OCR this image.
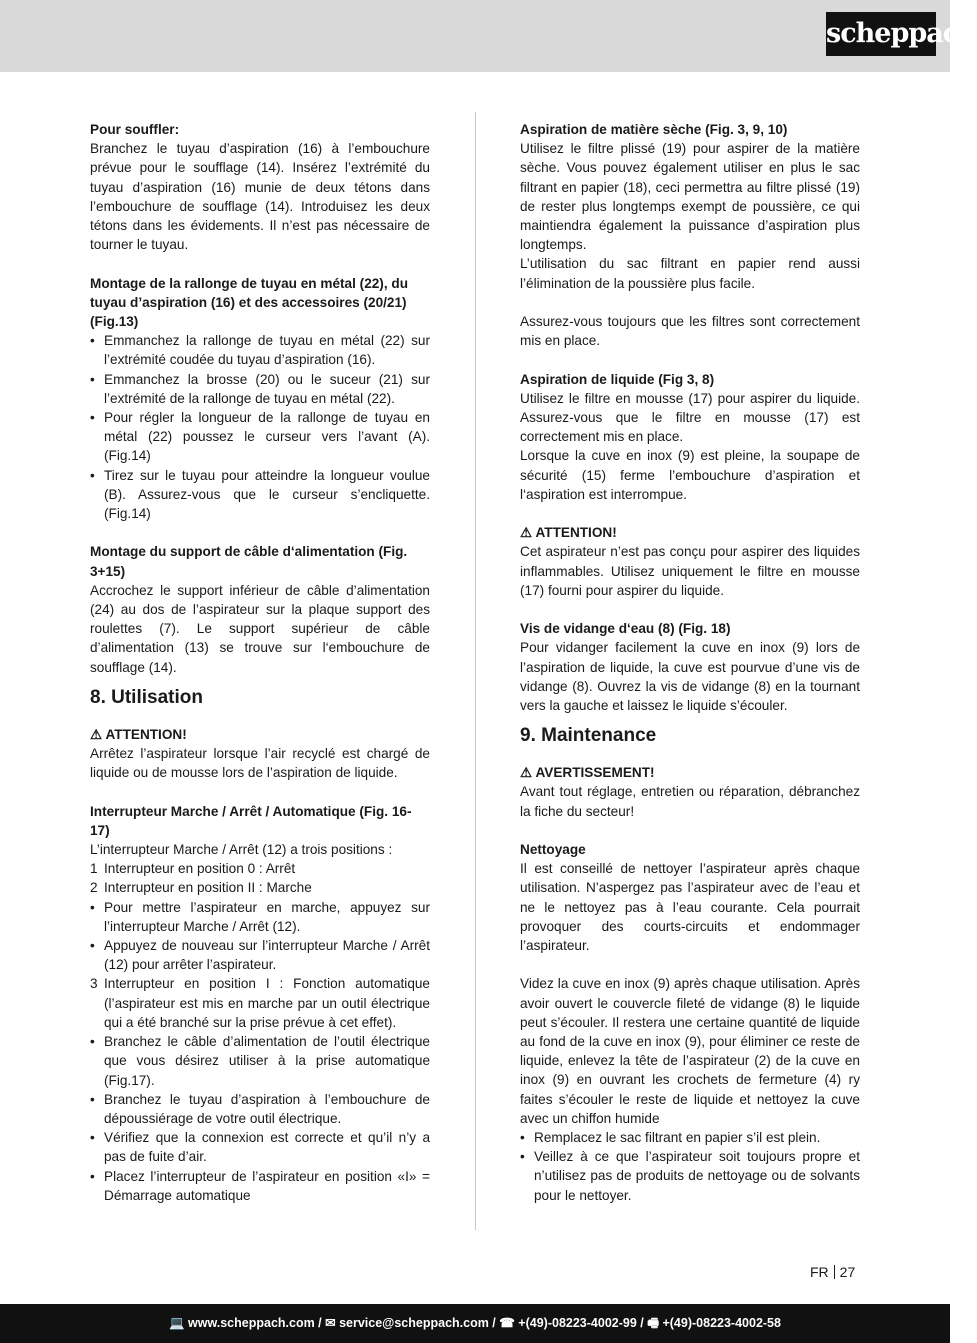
scheppach

Pour souffler:

Branchez le tuyau d’aspiration (16) à l’embouchure prévue pour le soufflage (14). Insérez l’extrémité du tuyau d’aspiration (16) munie de deux tétons dans l’embouchure de soufflage (14). Introduisez les deux tétons dans les évidements. Il n’est pas nécessaire de tourner le tuyau.

Montage de la rallonge de tuyau en métal (22), du tuyau d’aspiration (16) et des accessoires (20/21) (Fig.13)

• Emmanchez la rallonge de tuyau en métal (22) sur l’extrémité coudée du tuyau d’aspiration (16).
• Emmanchez la brosse (20) ou le suceur (21) sur l’extrémité de la rallonge de tuyau en métal (22).
• Pour régler la longueur de la rallonge de tuyau en métal (22) poussez le curseur vers l’avant (A). (Fig.14)
• Tirez sur le tuyau pour atteindre la longueur voulue (B). Assurez-vous que le curseur s’encliquette. (Fig.14)

Montage du support de câble d‘alimentation (Fig. 3+15)

Accrochez le support inférieur de câble d’alimentation (24) au dos de l’aspirateur sur la plaque support des roulettes (7). Le support supérieur de câble d’alimentation (13) se trouve sur l‘embouchure de soufflage (14).

8. Utilisation

⚠ ATTENTION!

Arrêtez l’aspirateur lorsque l’air recyclé est chargé de liquide ou de mousse lors de l’aspiration de liquide.

Interrupteur Marche / Arrêt / Automatique (Fig. 16-17)

L’interrupteur Marche / Arrêt (12) a trois positions :

1 Interrupteur en position 0 : Arrêt
2 Interrupteur en position II : Marche
• Pour mettre l’aspirateur en marche, appuyez sur l’interrupteur Marche / Arrêt (12).
• Appuyez de nouveau sur l’interrupteur Marche / Arrêt (12) pour arrêter l’aspirateur.
3 Interrupteur en position I : Fonction automatique (l’aspirateur est mis en marche par un outil électrique qui a été branché sur la prise prévue à cet effet).
• Branchez le câble d’alimentation de l’outil électrique que vous désirez utiliser à la prise automatique (Fig.17).
• Branchez le tuyau d’aspiration à l’embouchure de dépoussiérage de votre outil électrique.
• Vérifiez que la connexion est correcte et qu’il n’y a pas de fuite d’air.
• Placez l’interrupteur de l’aspirateur en position «I» = Démarrage automatique

Aspiration de matière sèche (Fig. 3, 9, 10)

Utilisez le filtre plissé (19) pour aspirer de la matière sèche. Vous pouvez également utiliser en plus le sac filtrant en papier (18), ceci permettra au filtre plissé (19) de rester plus longtemps exempt de poussière, ce qui maintiendra également la puissance d’aspiration plus longtemps.

L’utilisation du sac filtrant en papier rend aussi l’élimination de la poussière plus facile.

Assurez-vous toujours que les filtres sont correctement mis en place.

Aspiration de liquide (Fig 3, 8)

Utilisez le filtre en mousse (17) pour aspirer du liquide. Assurez-vous que le filtre en mousse (17) est correctement mis en place.

Lorsque la cuve en inox (9) est pleine, la soupape de sécurité (15) ferme l’embouchure d’aspiration et l‘aspiration est interrompue.

⚠ ATTENTION!

Cet aspirateur n’est pas conçu pour aspirer des liquides inflammables. Utilisez uniquement le filtre en mousse (17) fourni pour aspirer du liquide.

Vis de vidange d‘eau (8) (Fig. 18)

Pour vidanger facilement la cuve en inox (9) lors de l’aspiration de liquide, la cuve est pourvue d’une vis de vidange (8). Ouvrez la vis de vidange (8) en la tournant vers la gauche et laissez le liquide s’écouler.

9. Maintenance

⚠ AVERTISSEMENT!

Avant tout réglage, entretien ou réparation, débranchez la fiche du secteur!

Nettoyage

Il est conseillé de nettoyer l’aspirateur après chaque utilisation. N’aspergez pas l’aspirateur avec de l’eau et ne le nettoyez pas à l’eau courante. Cela pourrait provoquer des courts-circuits et endommager l’aspirateur.

Videz la cuve en inox (9) après chaque utilisation. Après avoir ouvert le couvercle fileté de vidange (8) le liquide peut s’écouler. Il restera une certaine quantité de liquide au fond de la cuve en inox (9), pour éliminer ce reste de liquide, enlevez la tête de l’aspirateur (2) de la cuve en inox (9) en ouvrant les crochets de fermeture (4) ry faites s’écouler le reste de liquide et nettoyez la cuve avec un chiffon humide

• Remplacez le sac filtrant en papier s’il est plein.
• Veillez à ce que l’aspirateur soit toujours propre et n’utilisez pas de produits de nettoyage ou de solvants pour le nettoyer.
FR 27
💻 www.scheppach.com / ✉ service@scheppach.com / ☎ +(49)-08223-4002-99 / 🖷 +(49)-08223-4002-58
